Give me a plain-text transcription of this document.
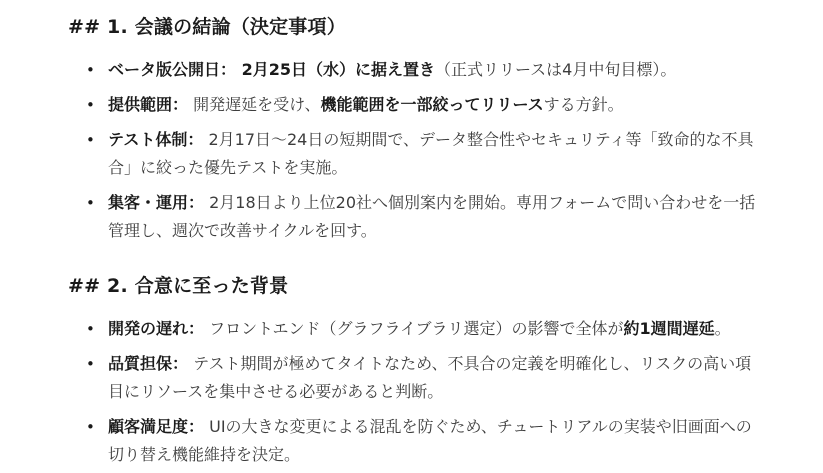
## 1. 会議の結論（決定事項）
• ベータ版公開日： 2月25日（水）に据え置き（正式リリースは4月中旬目標）。
• 提供範囲： 開発遅延を受け、機能範囲を一部絞ってリリースする方針。
• テスト体制： 2月17日〜24日の短期間で、データ整合性やセキュリティ等「致命的な不具合」に絞った優先テストを実施。
• 集客・運用： 2月18日より上位20社へ個別案内を開始。専用フォームで問い合わせを一括管理し、週次で改善サイクルを回す。
## 2. 合意に至った背景
• 開発の遅れ： フロントエンド（グラフライブラリ選定）の影響で全体が約1週間遅延。
• 品質担保： テスト期間が極めてタイトなため、不具合の定義を明確化し、リスクの高い項目にリソースを集中させる必要があると判断。
• 顧客満足度： UIの大きな変更による混乱を防ぐため、チュートリアルの実装や旧画面への切り替え機能維持を決定。
